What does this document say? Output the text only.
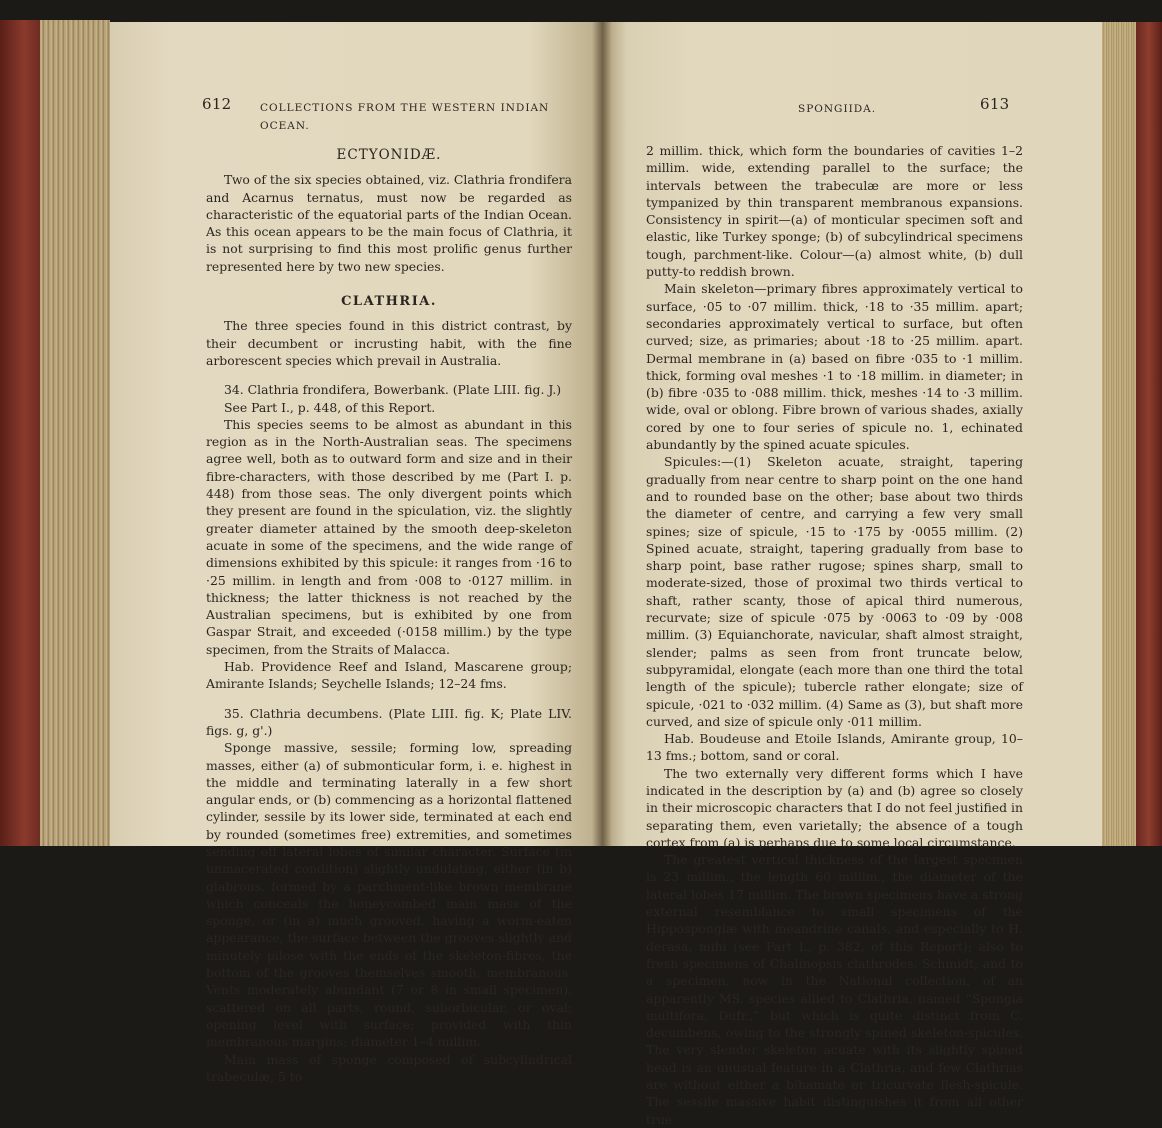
612	COLLECTIONS FROM THE WESTERN INDIAN OCEAN.
ECTYONIDÆ.

Two of the six species obtained, viz. Clathria frondifera and Acarnus ternatus, must now be regarded as characteristic of the equatorial parts of the Indian Ocean. As this ocean appears to be the main focus of Clathria, it is not surprising to find this most prolific genus further represented here by two new species.

CLATHRIA.

The three species found in this district contrast, by their decumbent or incrusting habit, with the fine arborescent species which prevail in Australia.

34. Clathria frondifera, Bowerbank. (Plate LIII. fig. J.)

See Part I., p. 448, of this Report.

This species seems to be almost as abundant in this region as in the North-Australian seas. The specimens agree well, both as to outward form and size and in their fibre-characters, with those described by me (Part I. p. 448) from those seas. The only divergent points which they present are found in the spiculation, viz. the slightly greater diameter attained by the smooth deep-skeleton acuate in some of the specimens, and the wide range of dimensions exhibited by this spicule: it ranges from ·16 to ·25 millim. in length and from ·008 to ·0127 millim. in thickness; the latter thickness is not reached by the Australian specimens, but is exhibited by one from Gaspar Strait, and exceeded (·0158 millim.) by the type specimen, from the Straits of Malacca.

Hab. Providence Reef and Island, Mascarene group; Amirante Islands; Seychelle Islands; 12–24 fms.

35. Clathria decumbens. (Plate LIII. fig. K; Plate LIV. figs. g, g'.)

Sponge massive, sessile; forming low, spreading masses, either (a) of submonticular form, i. e. highest in the middle and terminating laterally in a few short angular ends, or (b) commencing as a horizontal flattened cylinder, sessile by its lower side, terminated at each end by rounded (sometimes free) extremities, and sometimes sending off lateral lobes of similar character. Surface (in unmacerated condition) slightly undulating, either (in b) glabrous, formed by a parchment-like brown membrane which conceals the honeycombed main mass of the sponge, or (in a) much grooved, having a worm-eaten appearance, the surface between the grooves slightly and minutely pilose with the ends of the skeleton-fibres, the bottom of the grooves themselves smooth, membranous. Vents moderately abundant (7 or 8 in small specimen), scattered on all parts, round, suborbicular, or oval; opening level with surface; provided with thin membranous margins; diameter 1–4 millim.

Main mass of sponge composed of subcylindrical trabeculæ, 5 to

SPONGIIDA.	613

2 millim. thick, which form the boundaries of cavities 1–2 millim. wide, extending parallel to the surface; the intervals between the trabeculæ are more or less tympanized by thin transparent membranous expansions. Consistency in spirit—(a) of monticular specimen soft and elastic, like Turkey sponge; (b) of subcylindrical specimens tough, parchment-like. Colour—(a) almost white, (b) dull putty-to reddish brown.

Main skeleton—primary fibres approximately vertical to surface, ·05 to ·07 millim. thick, ·18 to ·35 millim. apart; secondaries approximately vertical to surface, but often curved; size, as primaries; about ·18 to ·25 millim. apart. Dermal membrane in (a) based on fibre ·035 to ·1 millim. thick, forming oval meshes ·1 to ·18 millim. in diameter; in (b) fibre ·035 to ·088 millim. thick, meshes ·14 to ·3 millim. wide, oval or oblong. Fibre brown of various shades, axially cored by one to four series of spicule no. 1, echinated abundantly by the spined acuate spicules.

Spicules:—(1) Skeleton acuate, straight, tapering gradually from near centre to sharp point on the one hand and to rounded base on the other; base about two thirds the diameter of centre, and carrying a few very small spines; size of spicule, ·15 to ·175 by ·0055 millim. (2) Spined acuate, straight, tapering gradually from base to sharp point, base rather rugose; spines sharp, small to moderate-sized, those of proximal two thirds vertical to shaft, rather scanty, those of apical third numerous, recurvate; size of spicule ·075 by ·0063 to ·09 by ·008 millim. (3) Equianchorate, navicular, shaft almost straight, slender; palms as seen from front truncate below, subpyramidal, elongate (each more than one third the total length of the spicule); tubercle rather elongate; size of spicule, ·021 to ·032 millim. (4) Same as (3), but shaft more curved, and size of spicule only ·011 millim.

Hab. Boudeuse and Etoile Islands, Amirante group, 10–13 fms.; bottom, sand or coral.

The two externally very different forms which I have indicated in the description by (a) and (b) agree so closely in their microscopic characters that I do not feel justified in separating them, even varietally; the absence of a tough cortex from (a) is perhaps due to some local circumstance.

The greatest vertical thickness of the largest specimen is 23 millim., the length 60 millim., the diameter of the lateral lobes 17 millim. The brown specimens have a strong external resemblance to small specimens of the Hippospongiæ with meandrine canals, and especially to H. derasa, mihi (see Part I., p. 382, of this Report); also to fresh specimens of Chalinopsis clathrodes, Schmidt; and to a specimen, now in the National collection, of an apparently MS. species allied to Clathria, named “Spongia multifora, Dufr.,” but which is quite distinct from C. decumbens, owing to the strongly spined skeleton-spicules. The very slender skeleton acuate with its slightly spined head is an unusual feature in a Clathria, and few Clathrias are without either a bihamate or tricurvate flesh-spicule. The sessile massive habit distinguishes it from all other true
